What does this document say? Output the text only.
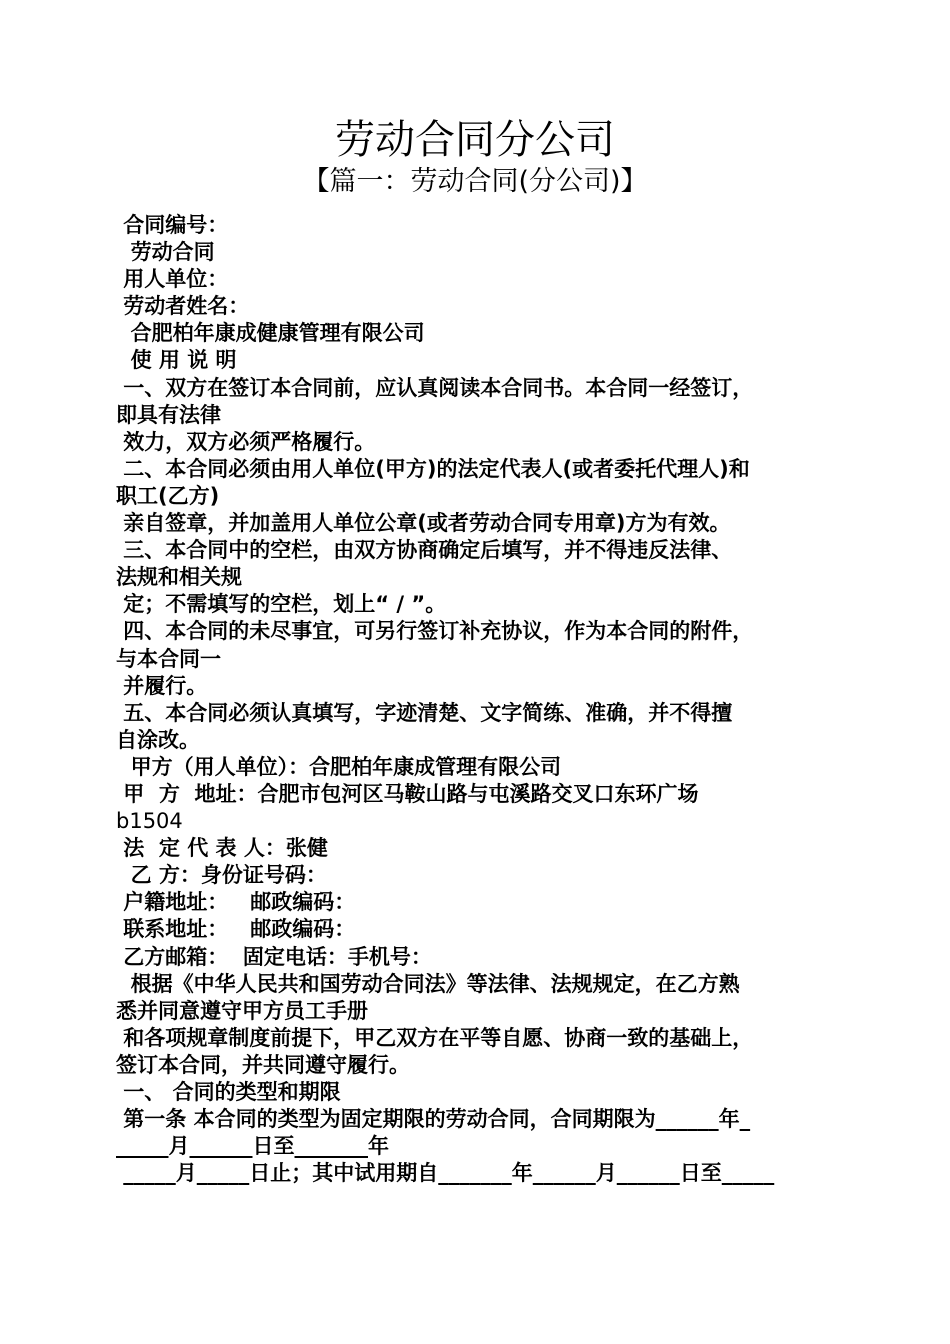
劳动合同分公司
【篇一：劳动合同(分公司)】
合同编号：
劳动合同
用人单位：
劳动者姓名：
合肥柏年康成健康管理有限公司
使 用 说 明
一、双方在签订本合同前，应认真阅读本合同书。本合同一经签订，
即具有法律
效力，双方必须严格履行。
二、本合同必须由用人单位(甲方)的法定代表人(或者委托代理人)和
职工(乙方)
亲自签章，并加盖用人单位公章(或者劳动合同专用章)方为有效。
三、本合同中的空栏，由双方协商确定后填写，并不得违反法律、
法规和相关规
定；不需填写的空栏，划上“ / ”。
四、本合同的未尽事宜，可另行签订补充协议，作为本合同的附件，
与本合同一
并履行。
五、本合同必须认真填写，字迹清楚、文字简练、准确，并不得擅
自涂改。
甲方（用人单位）：合肥柏年康成管理有限公司
甲  方  地址：合肥市包河区马鞍山路与屯溪路交叉口东环广场
b1504
法  定 代 表 人：张健
乙 方：身份证号码：
户籍地址：   邮政编码：
联系地址：   邮政编码：
乙方邮箱：  固定电话：手机号：
根据《中华人民共和国劳动合同法》等法律、法规规定，在乙方熟
悉并同意遵守甲方员工手册
和各项规章制度前提下，甲乙双方在平等自愿、协商一致的基础上，
签订本合同，并共同遵守履行。
一、 合同的类型和期限
第一条 本合同的类型为固定期限的劳动合同，合同期限为______年_
_____月______日至_______年
_____月_____日止；其中试用期自_______年______月______日至_____
